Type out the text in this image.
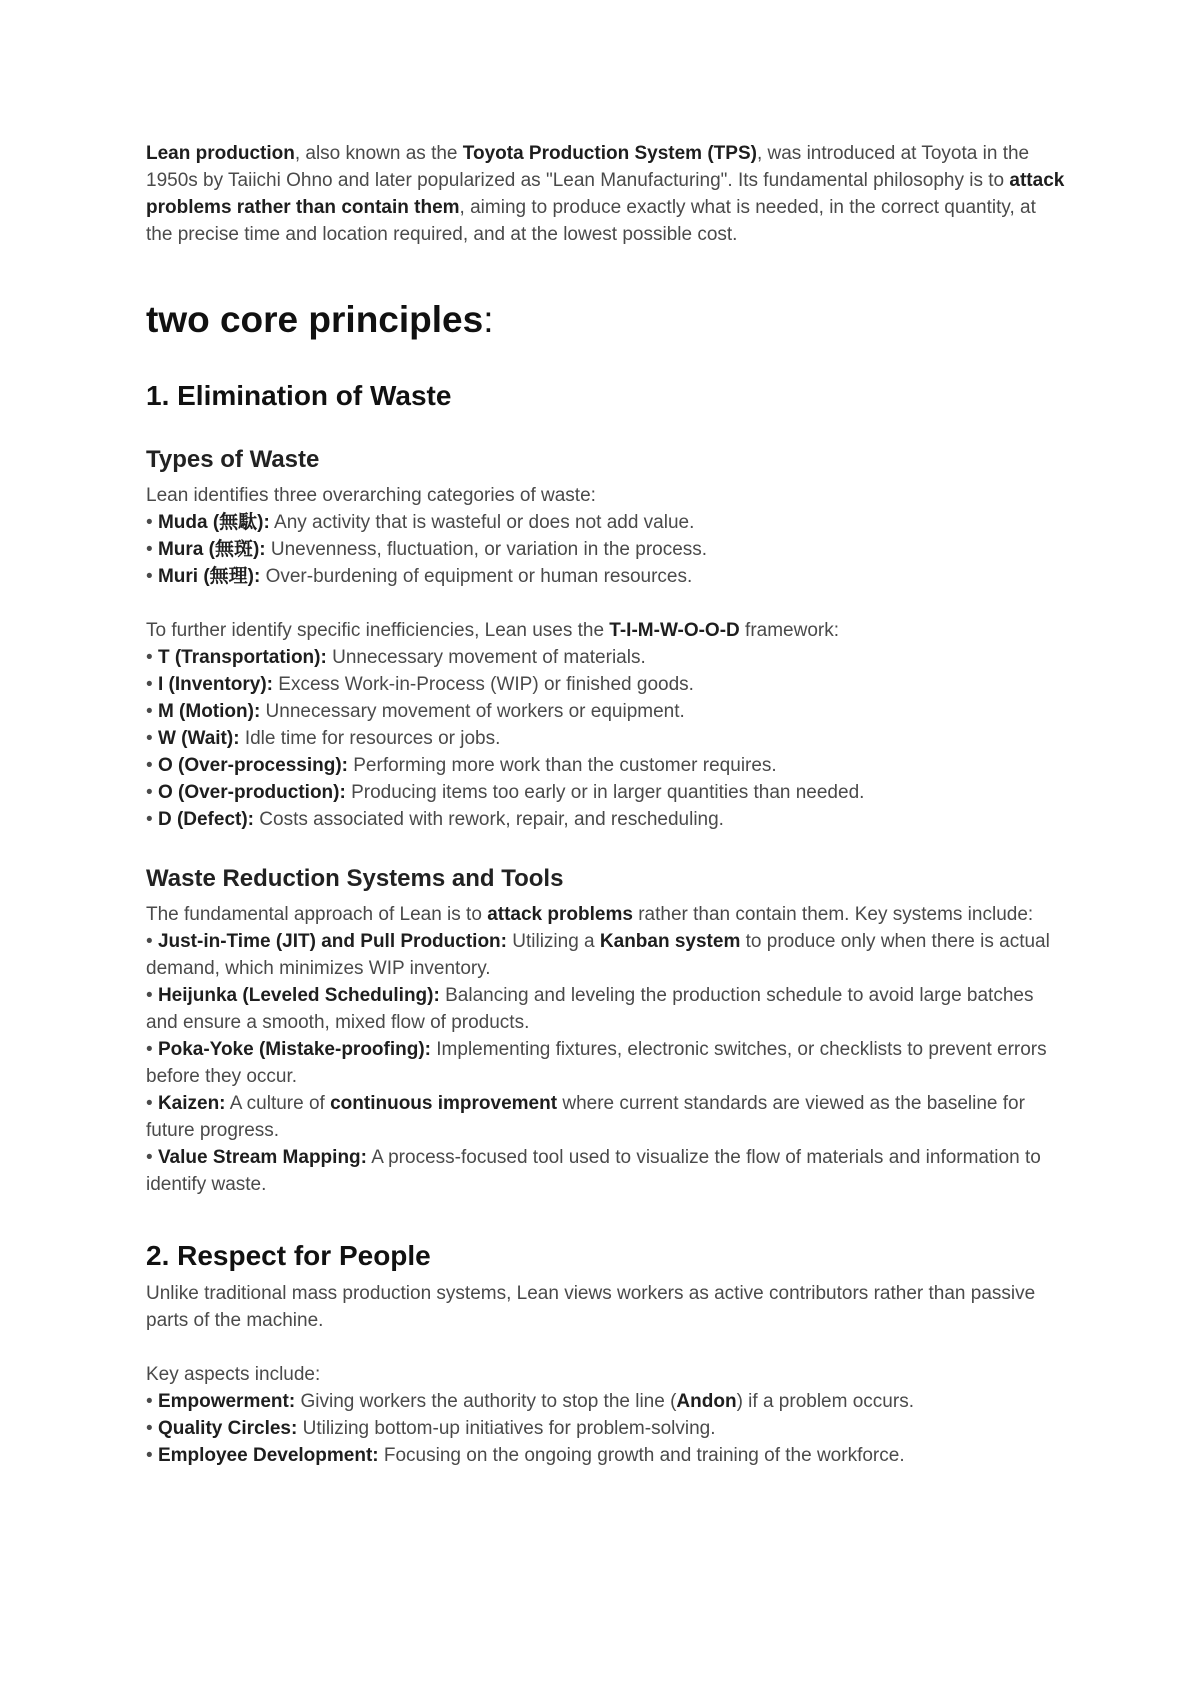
Lean production, also known as the Toyota Production System (TPS), was introduced at Toyota in the 1950s by Taiichi Ohno and later popularized as "Lean Manufacturing". Its fundamental philosophy is to attack problems rather than contain them, aiming to produce exactly what is needed, in the correct quantity, at the precise time and location required, and at the lowest possible cost.

two core principles:
1. Elimination of Waste
Types of Waste

Lean identifies three overarching categories of waste:

• Muda (無駄): Any activity that is wasteful or does not add value.

• Mura (無斑): Unevenness, fluctuation, or variation in the process.

• Muri (無理): Over-burdening of equipment or human resources.

To further identify specific inefficiencies, Lean uses the T-I-M-W-O-O-D framework:

• T (Transportation): Unnecessary movement of materials.

• I (Inventory): Excess Work-in-Process (WIP) or finished goods.

• M (Motion): Unnecessary movement of workers or equipment.

• W (Wait): Idle time for resources or jobs.

• O (Over-processing): Performing more work than the customer requires.

• O (Over-production): Producing items too early or in larger quantities than needed.

• D (Defect): Costs associated with rework, repair, and rescheduling.

Waste Reduction Systems and Tools

The fundamental approach of Lean is to attack problems rather than contain them. Key systems include:

• Just-in-Time (JIT) and Pull Production: Utilizing a Kanban system to produce only when there is actual demand, which minimizes WIP inventory.

• Heijunka (Leveled Scheduling): Balancing and leveling the production schedule to avoid large batches and ensure a smooth, mixed flow of products.

• Poka-Yoke (Mistake-proofing): Implementing fixtures, electronic switches, or checklists to prevent errors before they occur.

• Kaizen: A culture of continuous improvement where current standards are viewed as the baseline for future progress.

• Value Stream Mapping: A process-focused tool used to visualize the flow of materials and information to identify waste.

2. Respect for People

Unlike traditional mass production systems, Lean views workers as active contributors rather than passive parts of the machine.

Key aspects include:

• Empowerment: Giving workers the authority to stop the line (Andon) if a problem occurs.

• Quality Circles: Utilizing bottom-up initiatives for problem-solving.

• Employee Development: Focusing on the ongoing growth and training of the workforce.
